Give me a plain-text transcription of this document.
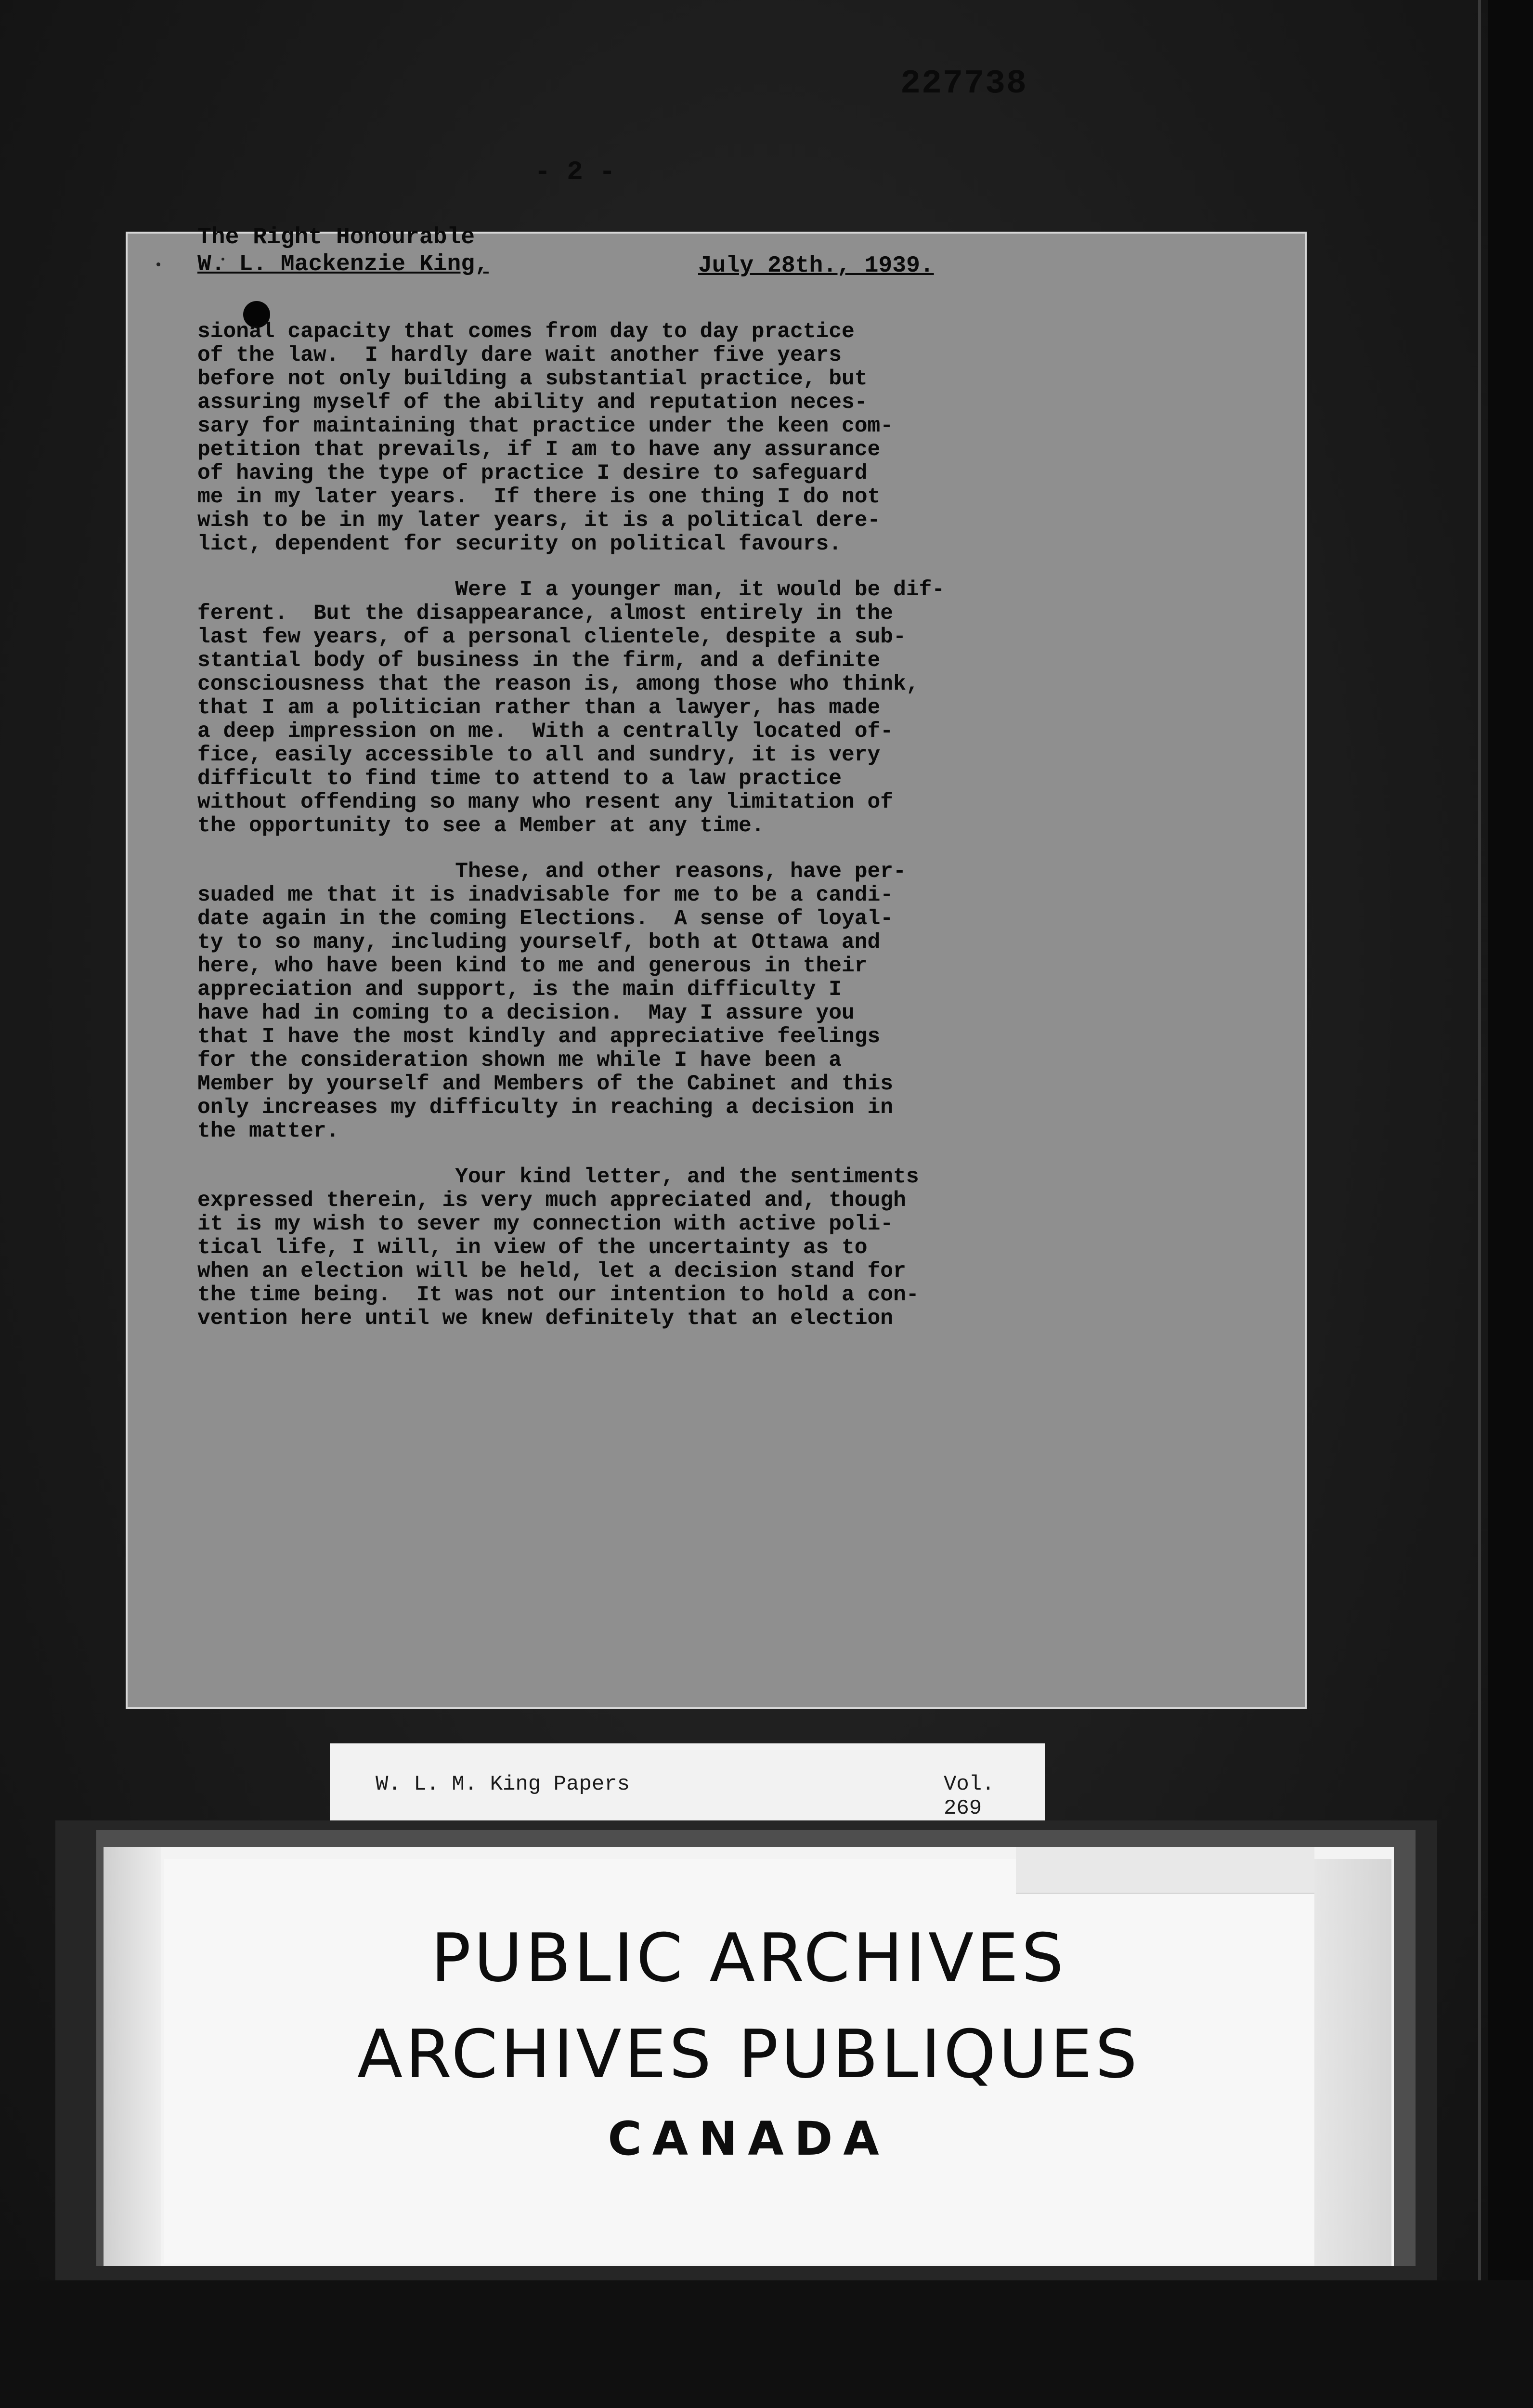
227738
- 2 -
The Right Honourable
W. L. Mackenzie King,	July 28th., 1939.
sional capacity that comes from day to day practice
of the law.  I hardly dare wait another five years
before not only building a substantial practice, but
assuring myself of the ability and reputation neces-
sary for maintaining that practice under the keen com-
petition that prevails, if I am to have any assurance
of having the type of practice I desire to safeguard
me in my later years.  If there is one thing I do not
wish to be in my later years, it is a political dere-
lict, dependent for security on political favours.
Were I a younger man, it would be dif-
ferent.  But the disappearance, almost entirely in the
last few years, of a personal clientele, despite a sub-
stantial body of business in the firm, and a definite
consciousness that the reason is, among those who think,
that I am a politician rather than a lawyer, has made
a deep impression on me.  With a centrally located of-
fice, easily accessible to all and sundry, it is very
difficult to find time to attend to a law practice
without offending so many who resent any limitation of
the opportunity to see a Member at any time.
These, and other reasons, have per-
suaded me that it is inadvisable for me to be a candi-
date again in the coming Elections.  A sense of loyal-
ty to so many, including yourself, both at Ottawa and
here, who have been kind to me and generous in their
appreciation and support, is the main difficulty I
have had in coming to a decision.  May I assure you
that I have the most kindly and appreciative feelings
for the consideration shown me while I have been a
Member by yourself and Members of the Cabinet and this
only increases my difficulty in reaching a decision in
the matter.
Your kind letter, and the sentiments
expressed therein, is very much appreciated and, though
it is my wish to sever my connection with active poli-
tical life, I will, in view of the uncertainty as to
when an election will be held, let a decision stand for
the time being.  It was not our intention to hold a con-
vention here until we knew definitely that an election
W. L. M. King Papers	Vol. 269
PUBLIC ARCHIVES
ARCHIVES PUBLIQUES
CANADA
